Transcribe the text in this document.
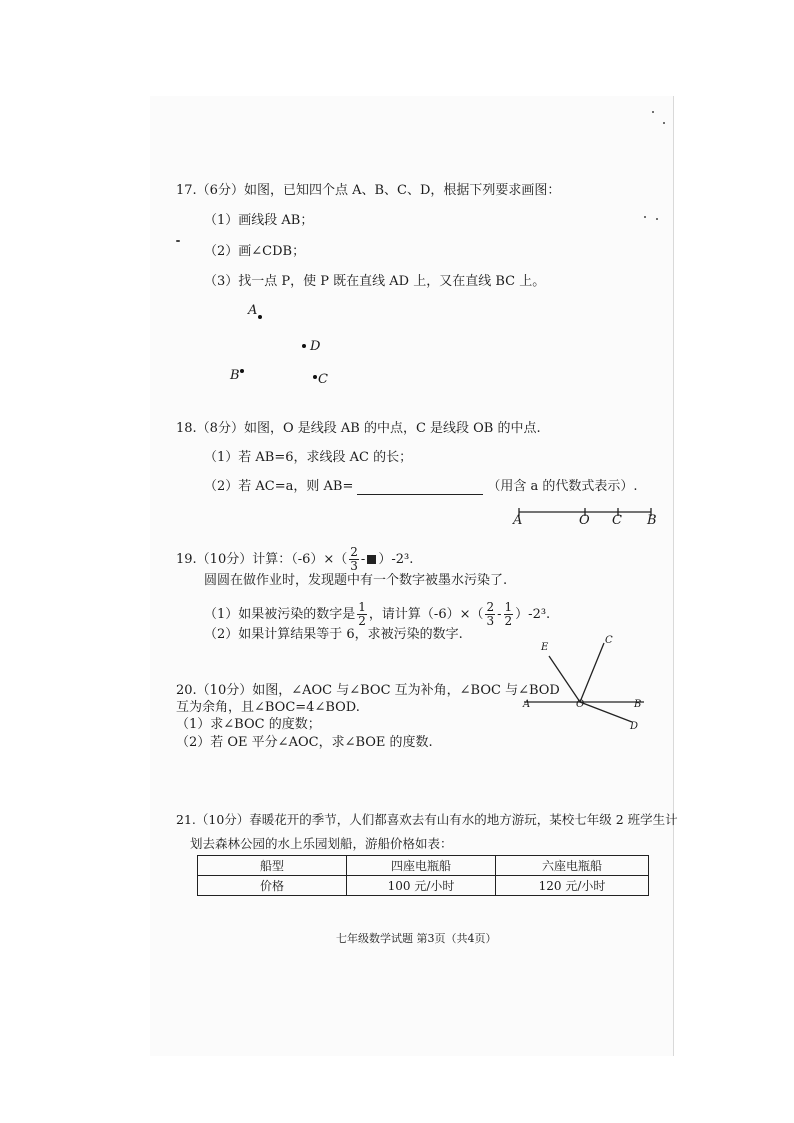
17.（6分）如图，已知四个点 A、B、C、D，根据下列要求画图：
（1）画线段 AB；
（2）画∠CDB；
（3）找一点 P，使 P 既在直线 AD 上，又在直线 BC 上。
A
D
B	C
18.（8分）如图，O 是线段 AB 的中点，C 是线段 OB 的中点.
（1）若 AB=6，求线段 AC 的长；
（2）若 AC=a，则 AB=	（用含 a 的代数式表示）.
A	O C B
19.（10分）计算：$(-6)\times( \frac{2}{3} - )-2^3$.
圆圆在做作业时，发现题中有一个数字被墨水污染了.
（1）如果被污染的数字是 $\frac{1}{2}$ ，请计算$(-6)\times( \frac{2}{3} - \frac{1}{2} )-2^3$.
（2）如果计算结果等于 6，求被污染的数字.
E
C
A	O	B
D
20.（10分）如图，∠AOC 与∠BOC 互为补角，∠BOC 与∠BOD
互为余角，且∠BOC=4∠BOD.
（1）求∠BOC 的度数；
（2）若 OE 平分∠AOC，求∠BOE 的度数.
21.（10分）春暖花开的季节，人们都喜欢去有山有水的地方游玩，某校七年级 2 班学生计
划去森林公园的水上乐园划船，游船价格如表：
船型	四座电瓶船	六座电瓶船
价格	100 元/小时	120 元/小时
七年级数学试题 第3页（共4页）
